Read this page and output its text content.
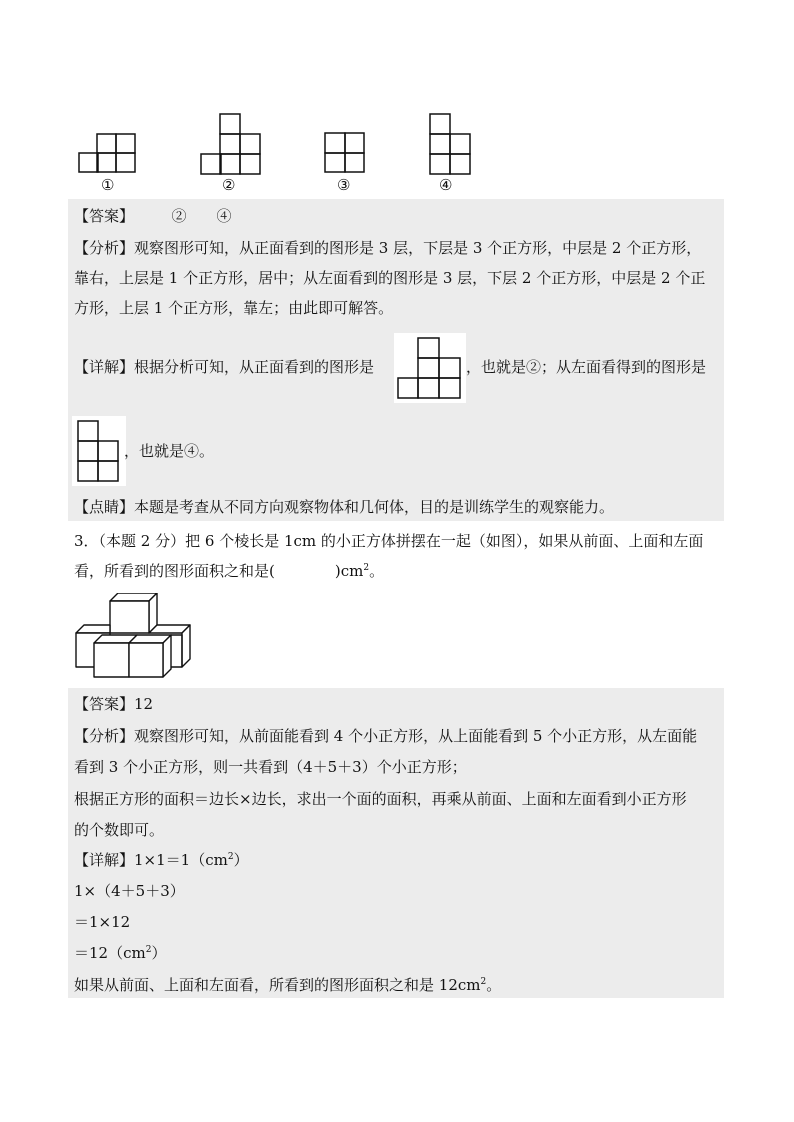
①	②	③	④
【答案】　　　②　　④
【分析】观察图形可知，从正面看到的图形是 3 层，下层是 3 个正方形，中层是 2 个正方形，
靠右，上层是 1 个正方形，居中；从左面看到的图形是 3 层，下层 2 个正方形，中层是 2 个正
方形，上层 1 个正方形，靠左；由此即可解答。
【详解】根据分析可知，从正面看到的图形是	，也就是②；从左面看得到的图形是
，也就是④。
【点睛】本题是考查从不同方向观察物体和几何体，目的是训练学生的观察能力。
3．（本题 2 分）把 6 个棱长是 1cm 的小正方体拼摆在一起（如图），如果从前面、上面和左面
看，所看到的图形面积之和是(　　　　)$cm^2$。
【答案】12
【分析】观察图形可知，从前面能看到 4 个小正方形，从上面能看到 5 个小正方形，从左面能
看到 3 个小正方形，则一共看到（4＋5＋3）个小正方形；
根据正方形的面积＝边长×边长，求出一个面的面积，再乘从前面、上面和左面看到小正方形
的个数即可。
【详解】$1\times 1=1(cm^2)$
1×（4＋5＋3）
＝1×12
$=12(cm^2)$
如果从前面、上面和左面看，所看到的图形面积之和是 $12cm^2$。
